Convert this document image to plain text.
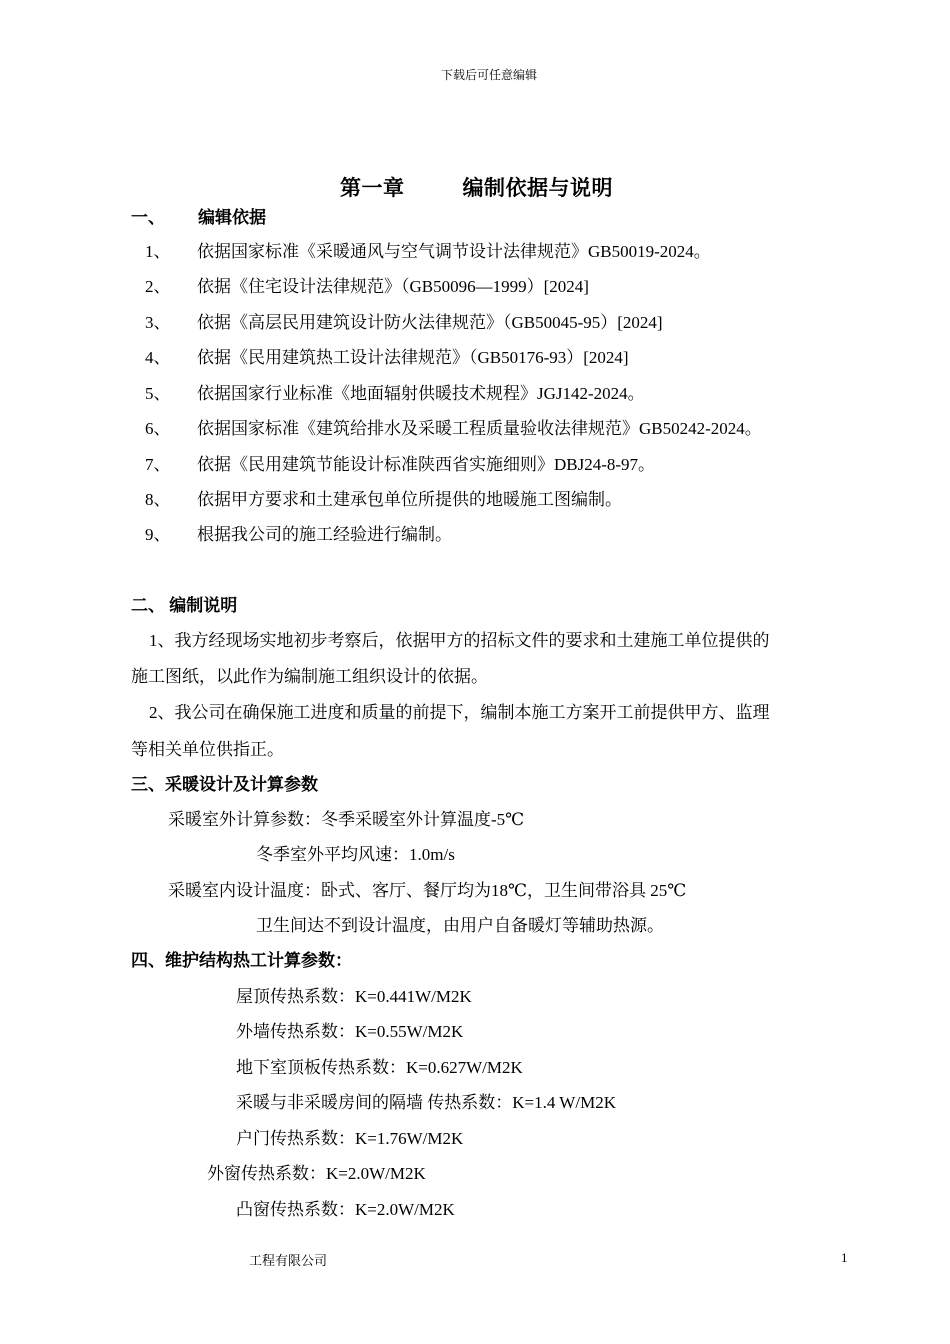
下载后可任意编辑
第一章	编制依据与说明
一、 编辑依据
1、 依据国家标准《采暖通风与空气调节设计法律规范》GB50019-2024。
2、 依据《住宅设计法律规范》（GB50096—1999）[2024]
3、 依据《高层民用建筑设计防火法律规范》（GB50045-95）[2024]
4、 依据《民用建筑热工设计法律规范》（GB50176-93）[2024]
5、 依据国家行业标准《地面辐射供暖技术规程》JGJ142-2024。
6、 依据国家标准《建筑给排水及采暖工程质量验收法律规范》GB50242-2024。
7、 依据《民用建筑节能设计标准陕西省实施细则》DBJ24-8-97。
8、 依据甲方要求和土建承包单位所提供的地暖施工图编制。
9、 根据我公司的施工经验进行编制。
二、 编制说明
1、我方经现场实地初步考察后，依据甲方的招标文件的要求和土建施工单位提供的
施工图纸，以此作为编制施工组织设计的依据。
2、我公司在确保施工进度和质量的前提下，编制本施工方案开工前提供甲方、监理
等相关单位供指正。
三、采暖设计及计算参数
采暖室外计算参数：冬季采暖室外计算温度-5℃
冬季室外平均风速：1.0m/s
采暖室内设计温度：卧式、客厅、餐厅均为18℃，卫生间带浴具 25℃
卫生间达不到设计温度，由用户自备暖灯等辅助热源。
四、维护结构热工计算参数：
屋顶传热系数：K=0.441W/M2K
外墙传热系数：K=0.55W/M2K
地下室顶板传热系数：K=0.627W/M2K
采暖与非采暖房间的隔墙 传热系数：K=1.4 W/M2K
户门传热系数：K=1.76W/M2K
外窗传热系数：K=2.0W/M2K
凸窗传热系数：K=2.0W/M2K
工程有限公司	1
